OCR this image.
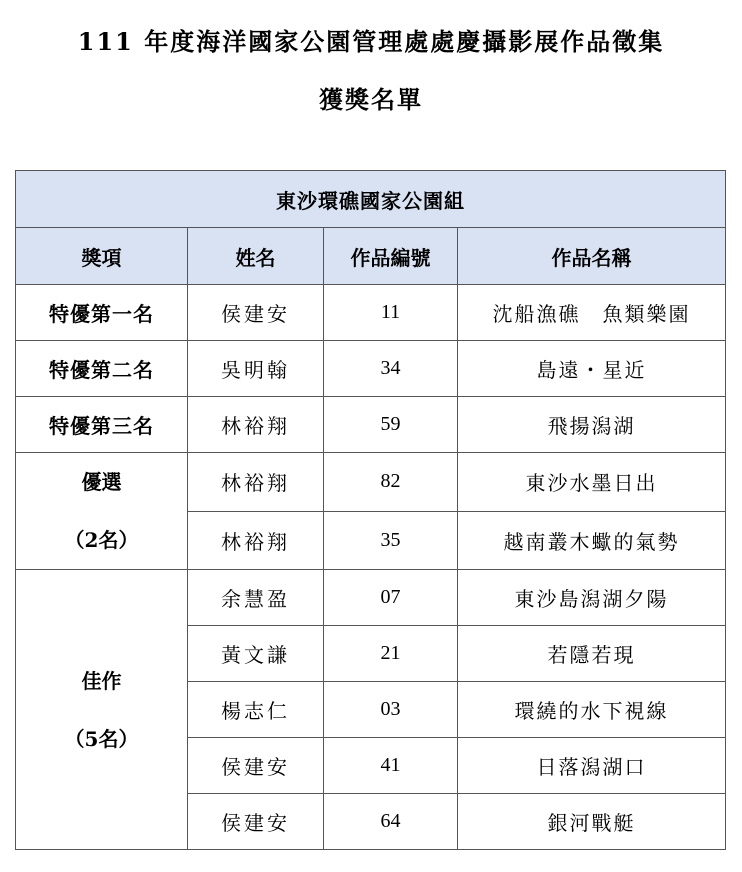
111 年度海洋國家公園管理處處慶攝影展作品徵集
獲獎名單
東沙環礁國家公園組			
獎項	姓名	作品編號	作品名稱
特優第一名	侯建安	11	沈船漁礁　魚類樂園
特優第二名	吳明翰	34	島遠・星近
特優第三名	林裕翔	59	飛揚潟湖

優選
（2名）	林裕翔	82	東沙水墨日出
	林裕翔	35	越南叢木蠍的氣勢

佳作
（5名）	余慧盈	07	東沙島潟湖夕陽
	黃文謙	21	若隱若現
	楊志仁	03	環繞的水下視線
	侯建安	41	日落潟湖口
	侯建安	64	銀河戰艇
